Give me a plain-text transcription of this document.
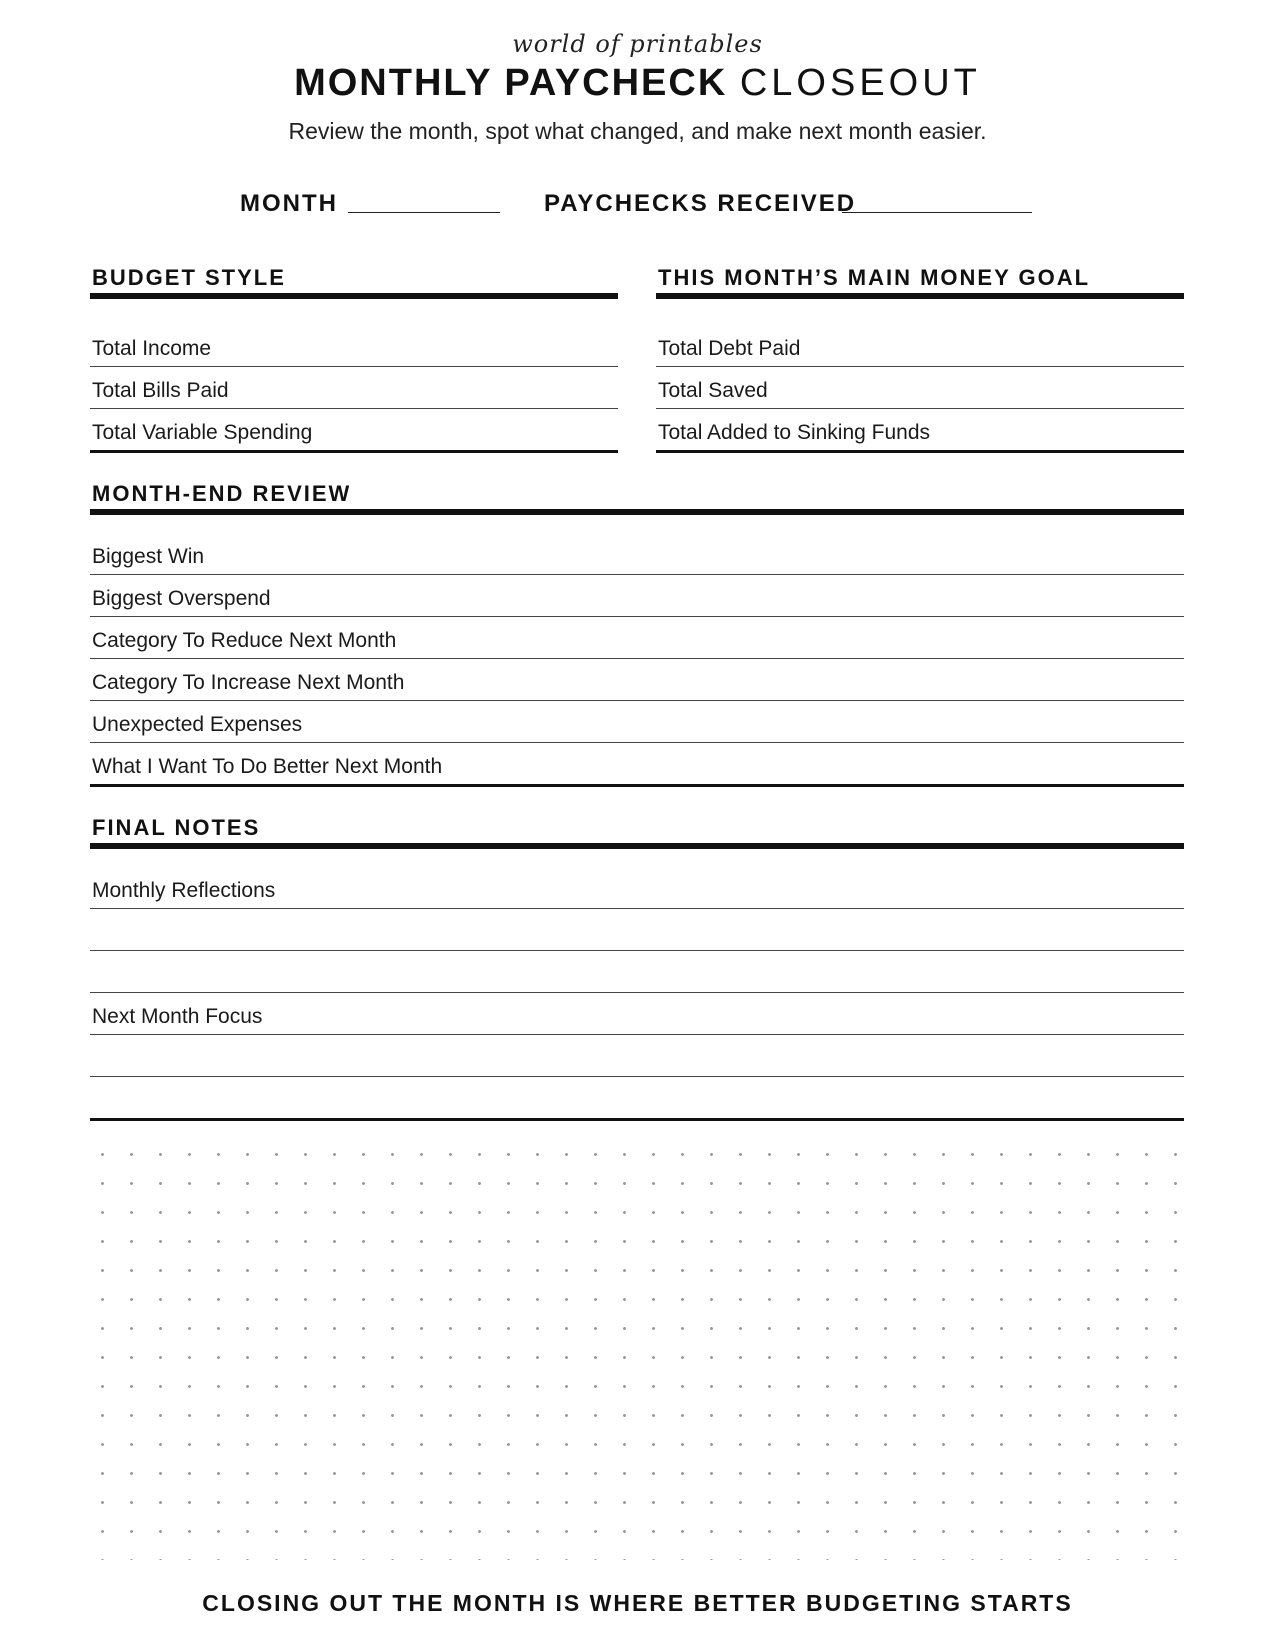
world of printables
MONTHLY PAYCHECK CLOSEOUT
Review the month, spot what changed, and make next month easier.
MONTH	PAYCHECKS RECEIVED
BUDGET STYLE
Total Income
Total Bills Paid
Total Variable Spending
THIS MONTH’S MAIN MONEY GOAL
Total Debt Paid
Total Saved
Total Added to Sinking Funds
MONTH-END REVIEW
Biggest Win
Biggest Overspend
Category To Reduce Next Month
Category To Increase Next Month
Unexpected Expenses
What I Want To Do Better Next Month
FINAL NOTES
Monthly Reflections
Next Month Focus
CLOSING OUT THE MONTH IS WHERE BETTER BUDGETING STARTS
